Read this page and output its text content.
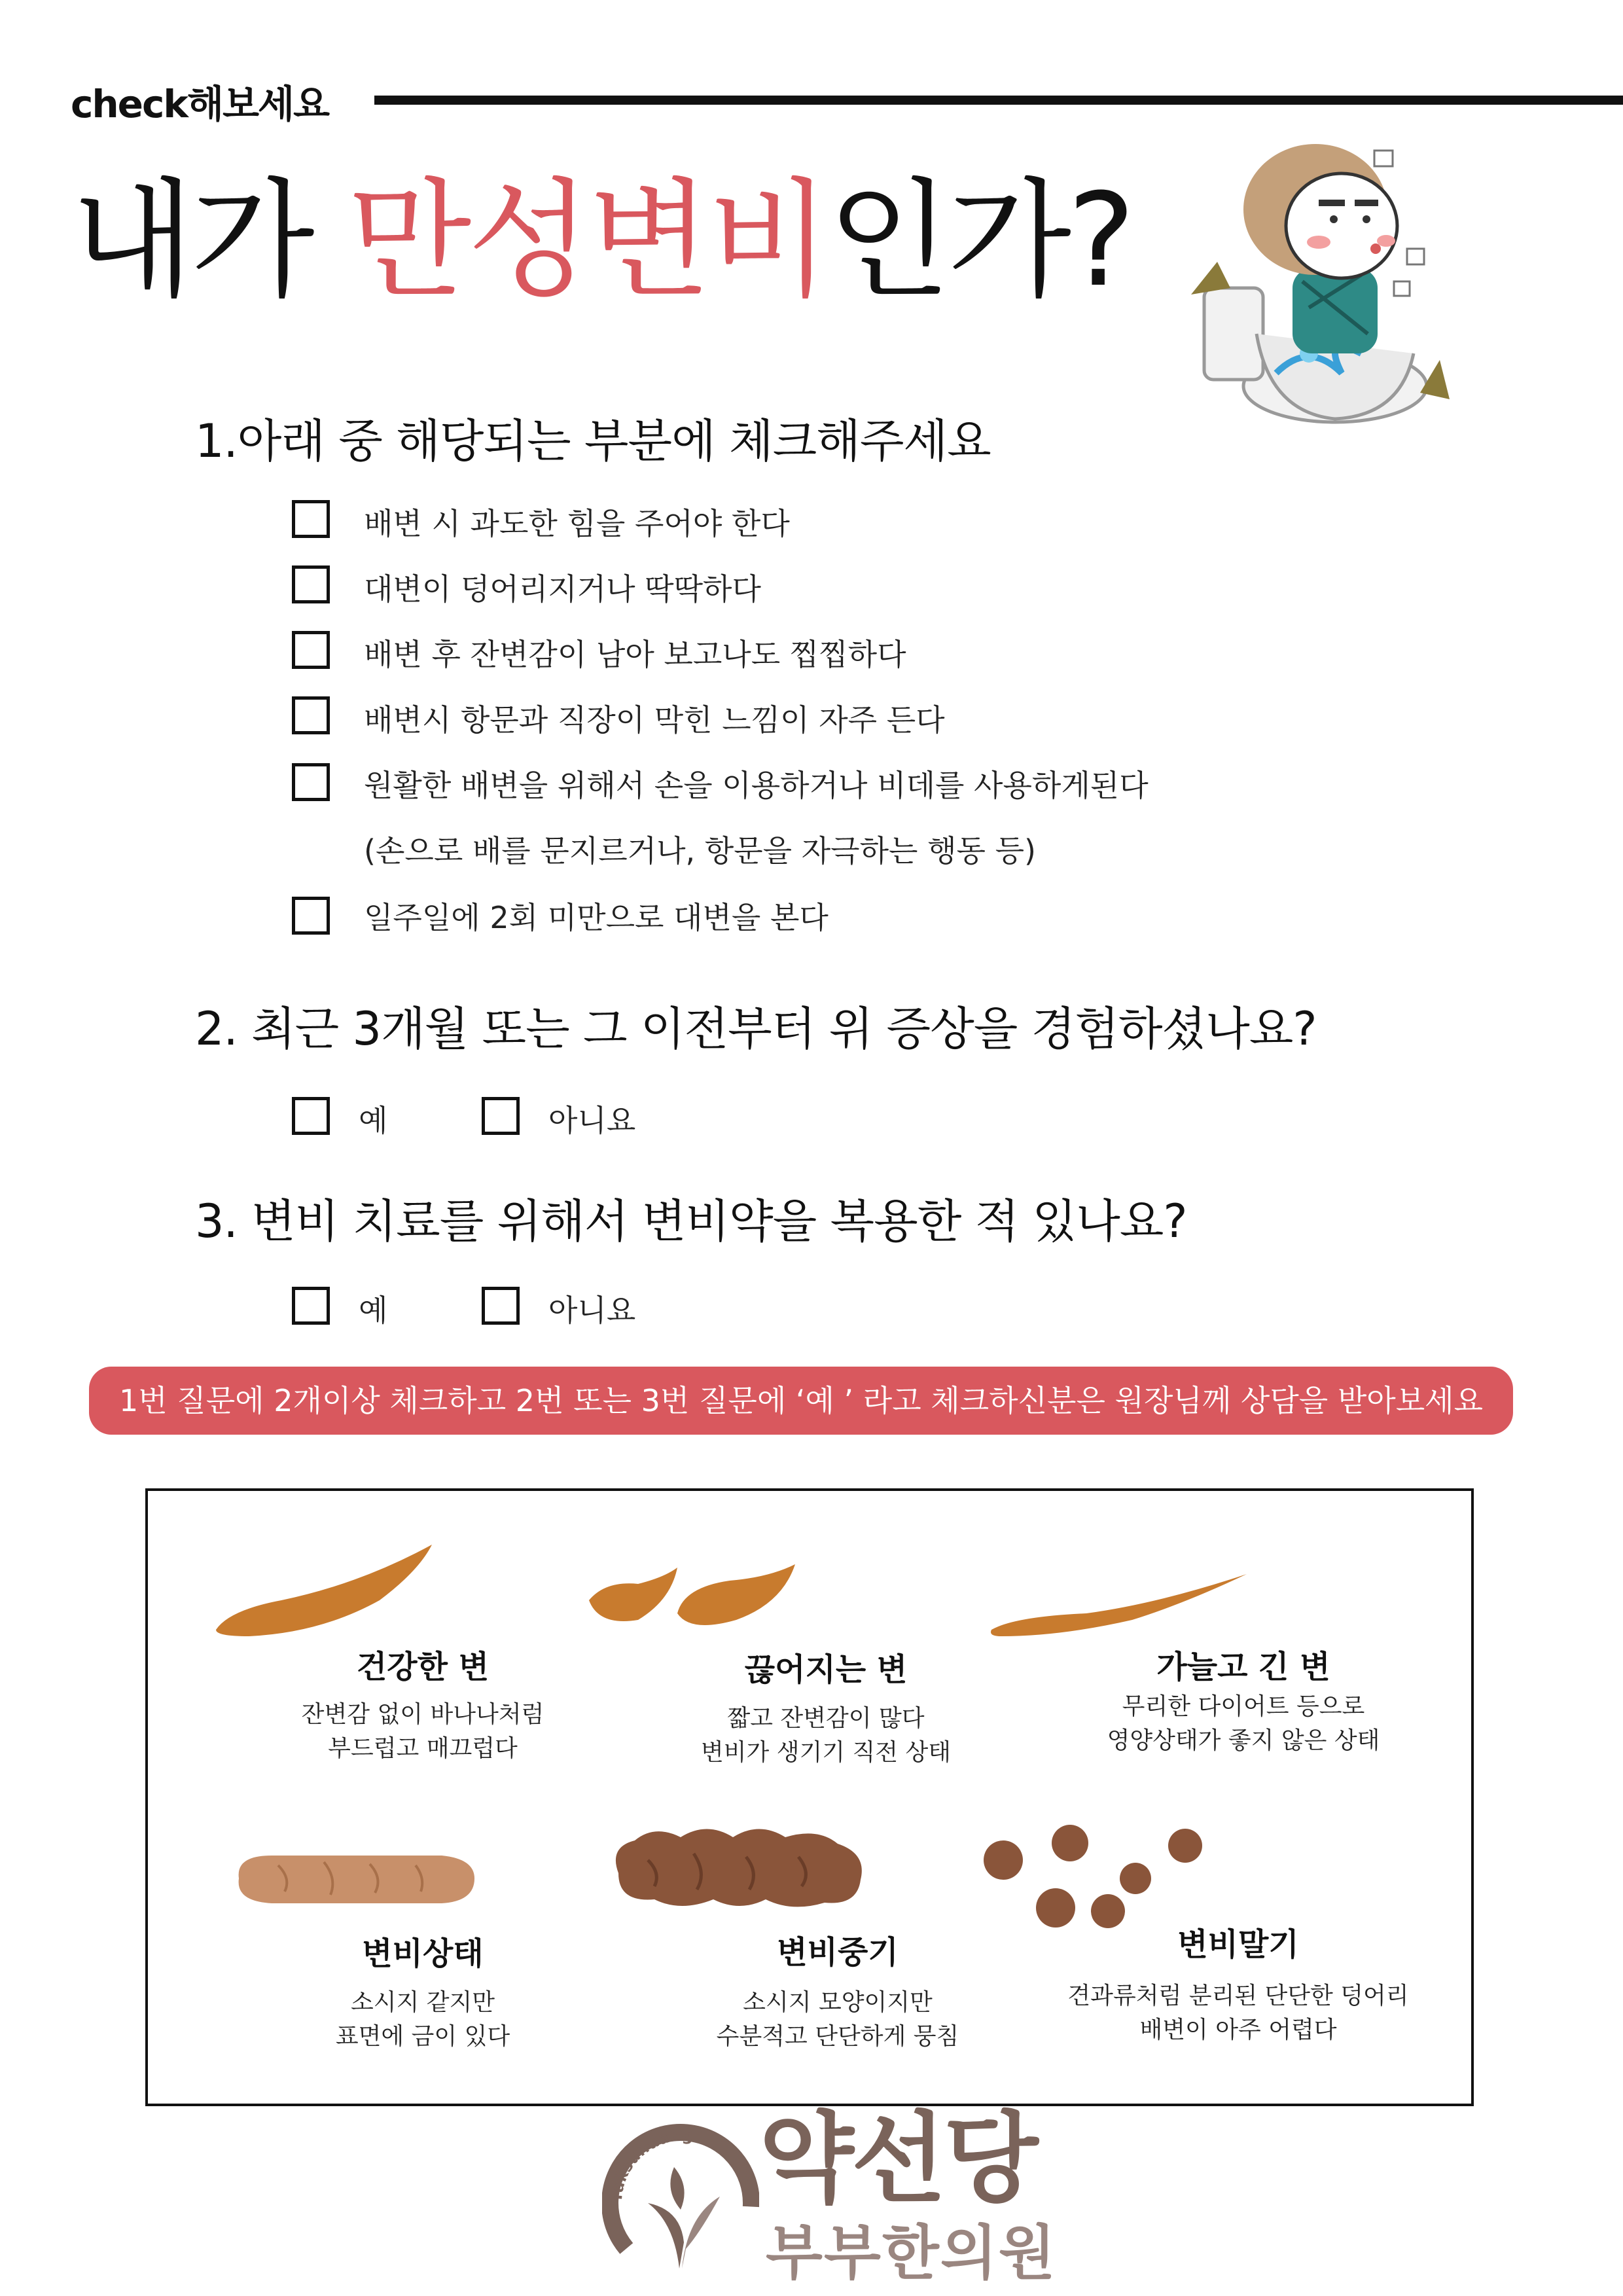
check해보세요
내가 만성변비인가?
1.아래 중 해당되는 부분에 체크해주세요
배변 시 과도한 힘을 주어야 한다
대변이 덩어리지거나 딱딱하다
배변 후 잔변감이 남아 보고나도 찝찝하다
배변시 항문과 직장이 막힌 느낌이 자주 든다
원활한 배변을 위해서 손을 이용하거나 비데를 사용하게된다
(손으로 배를 문지르거나, 항문을 자극하는 행동 등)
일주일에 2회 미만으로 대변을 본다
2. 최근 3개월 또는 그 이전부터 위 증상을 경험하셨나요?
예	아니요
3. 변비 치료를 위해서 변비약을 복용한 적 있나요?
예	아니요
1번 질문에 2개이상 체크하고 2번 또는 3번 질문에 ‘예 ’ 라고 체크하신분은 원장님께 상담을 받아보세요
건강한 변
잔변감 없이 바나나처럼
부드럽고 매끄럽다
끊어지는 변
짧고 잔변감이 많다
변비가 생기기 직전 상태
가늘고 긴 변
무리한 다이어트 등으로
영양상태가 좋지 않은 상태
변비상태
소시지 같지만
표면에 금이 있다
변비중기
소시지 모양이지만
수분적고 단단하게 뭉침
변비말기
견과류처럼 분리된 단단한 덩어리
배변이 아주 어렵다
Yaksundang 약선당
부부한의원
